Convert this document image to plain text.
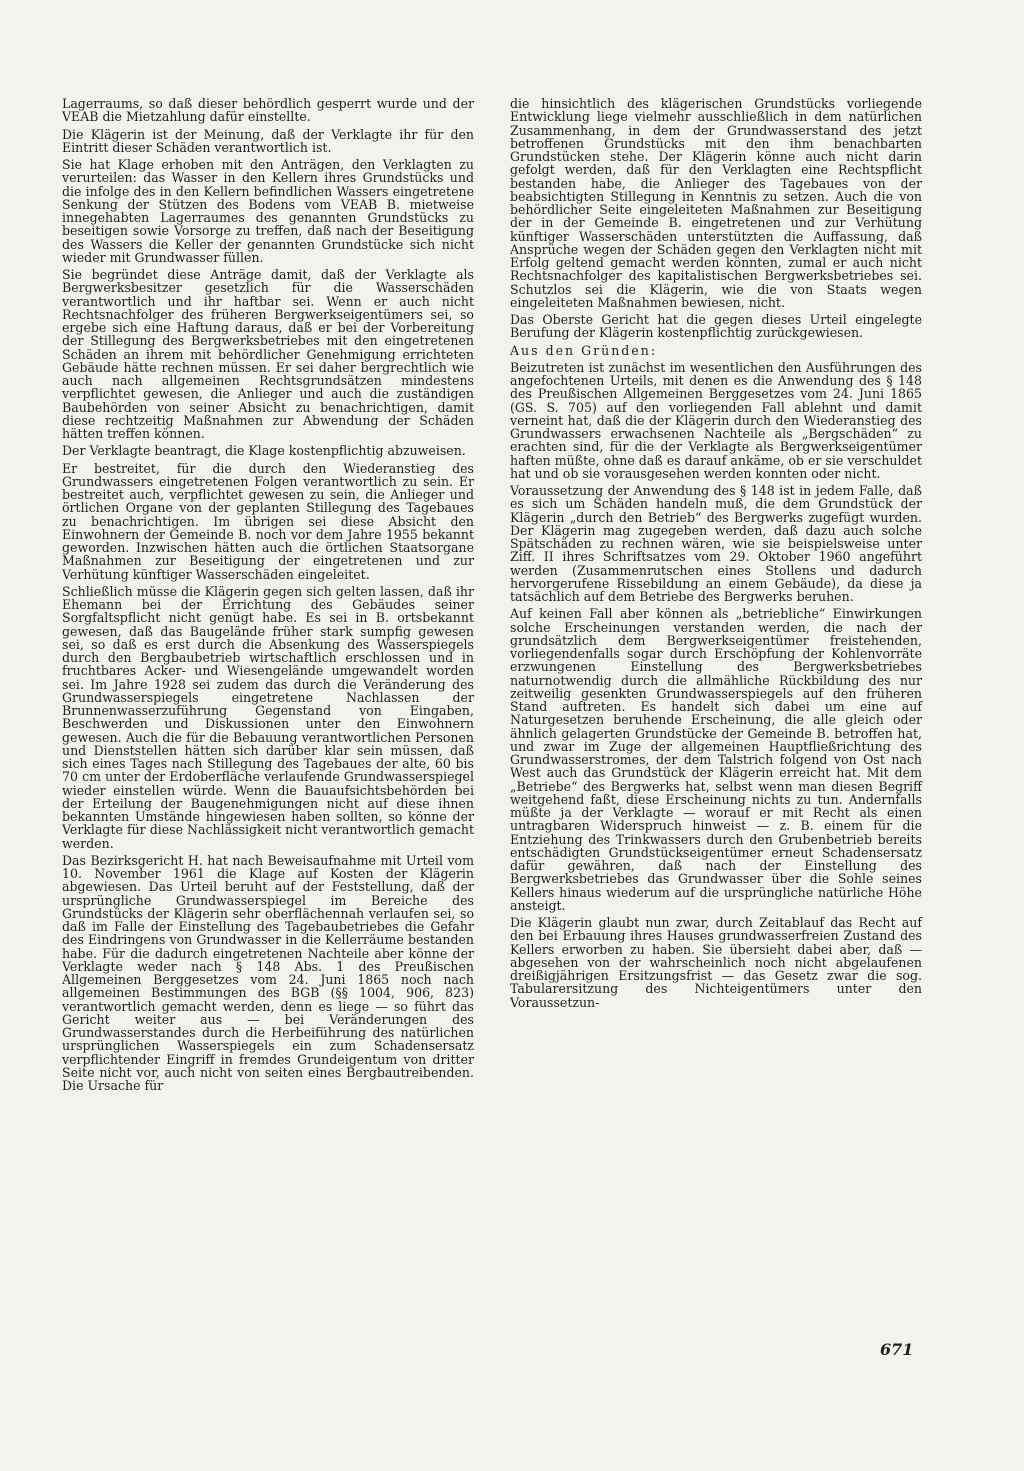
Lagerraums, so daß dieser behördlich gesperrt wurde und der VEAB die Mietzahlung dafür einstellte.

Die Klägerin ist der Meinung, daß der Verklagte ihr für den Eintritt dieser Schäden verantwortlich ist.

Sie hat Klage erhoben mit den Anträgen, den Verklagten zu verurteilen: das Wasser in den Kellern ihres Grundstücks und die infolge des in den Kellern befindlichen Wassers eingetretene Senkung der Stützen des Bodens vom VEAB B. mietweise innegehabten Lagerraumes des genannten Grundstücks zu beseitigen sowie Vorsorge zu treffen, daß nach der Beseitigung des Wassers die Keller der genannten Grundstücke sich nicht wieder mit Grundwasser füllen.

Sie begründet diese Anträge damit, daß der Verklagte als Bergwerksbesitzer gesetzlich für die Wasserschäden verantwortlich und ihr haftbar sei. Wenn er auch nicht Rechtsnachfolger des früheren Bergwerkseigentümers sei, so ergebe sich eine Haftung daraus, daß er bei der Vorbereitung der Stillegung des Bergwerksbetriebes mit den eingetretenen Schäden an ihrem mit behördlicher Genehmigung errichteten Gebäude hätte rechnen müssen. Er sei daher bergrechtlich wie auch nach allgemeinen Rechtsgrundsätzen mindestens verpflichtet gewesen, die Anlieger und auch die zuständigen Baubehörden von seiner Absicht zu benachrichtigen, damit diese rechtzeitig Maßnahmen zur Abwendung der Schäden hätten treffen können.

Der Verklagte beantragt, die Klage kostenpflichtig abzuweisen.

Er bestreitet, für die durch den Wiederanstieg des Grundwassers eingetretenen Folgen verantwortlich zu sein. Er bestreitet auch, verpflichtet gewesen zu sein, die Anlieger und örtlichen Organe von der geplanten Stillegung des Tagebaues zu benachrichtigen. Im übrigen sei diese Absicht den Einwohnern der Gemeinde B. noch vor dem Jahre 1955 bekannt geworden. Inzwischen hätten auch die örtlichen Staatsorgane Maßnahmen zur Beseitigung der eingetretenen und zur Verhütung künftiger Wasserschäden eingeleitet.

Schließlich müsse die Klägerin gegen sich gelten lassen, daß ihr Ehemann bei der Errichtung des Gebäudes seiner Sorgfaltspflicht nicht genügt habe. Es sei in B. ortsbekannt gewesen, daß das Baugelände früher stark sumpfig gewesen sei, so daß es erst durch die Absenkung des Wasserspiegels durch den Bergbaubetrieb wirtschaftlich erschlossen und in fruchtbares Acker- und Wiesengelände umgewandelt worden sei. Im Jahre 1928 sei zudem das durch die Veränderung des Grundwasserspiegels eingetretene Nachlassen der Brunnenwasserzuführung Gegenstand von Eingaben, Beschwerden und Diskussionen unter den Einwohnern gewesen. Auch die für die Bebauung verantwortlichen Personen und Dienststellen hätten sich darüber klar sein müssen, daß sich eines Tages nach Stillegung des Tagebaues der alte, 60 bis 70 cm unter der Erdoberfläche verlaufende Grundwasserspiegel wieder einstellen würde. Wenn die Bauaufsichtsbehörden bei der Erteilung der Baugenehmigungen nicht auf diese ihnen bekannten Umstände hingewiesen haben sollten, so könne der Verklagte für diese Nachlässigkeit nicht verantwortlich gemacht werden.

Das Bezirksgericht H. hat nach Beweisaufnahme mit Urteil vom 10. November 1961 die Klage auf Kosten der Klägerin abgewiesen. Das Urteil beruht auf der Feststellung, daß der ursprüngliche Grundwasserspiegel im Bereiche des Grundstücks der Klägerin sehr oberflächennah verlaufen sei, so daß im Falle der Einstellung des Tagebaubetriebes die Gefahr des Eindringens von Grundwasser in die Kellerräume bestanden habe. Für die dadurch eingetretenen Nachteile aber könne der Verklagte weder nach § 148 Abs. 1 des Preußischen Allgemeinen Berggesetzes vom 24. Juni 1865 noch nach allgemeinen Bestimmungen des BGB (§§ 1004, 906, 823) verantwortlich gemacht werden, denn es liege — so führt das Gericht weiter aus — bei Veränderungen des Grundwasserstandes durch die Herbeiführung des natürlichen ursprünglichen Wasserspiegels ein zum Schadensersatz verpflichtender Eingriff in fremdes Grundeigentum von dritter Seite nicht vor, auch nicht von seiten eines Bergbautreibenden. Die Ursache für

die hinsichtlich des klägerischen Grundstücks vorliegende Entwicklung liege vielmehr ausschließlich in dem natürlichen Zusammenhang, in dem der Grundwasserstand des jetzt betroffenen Grundstücks mit den ihm benachbarten Grundstücken stehe. Der Klägerin könne auch nicht darin gefolgt werden, daß für den Verklagten eine Rechtspflicht bestanden habe, die Anlieger des Tagebaues von der beabsichtigten Stillegung in Kenntnis zu setzen. Auch die von behördlicher Seite eingeleiteten Maßnahmen zur Beseitigung der in der Gemeinde B. eingetretenen und zur Verhütung künftiger Wasserschäden unterstützten die Auffassung, daß Ansprüche wegen der Schäden gegen den Verklagten nicht mit Erfolg geltend gemacht werden könnten, zumal er auch nicht Rechtsnachfolger des kapitalistischen Bergwerksbetriebes sei. Schutzlos sei die Klägerin, wie die von Staats wegen eingeleiteten Maßnahmen bewiesen, nicht.

Das Oberste Gericht hat die gegen dieses Urteil eingelegte Berufung der Klägerin kostenpflichtig zurückgewiesen.

Aus den Gründen:

Beizutreten ist zunächst im wesentlichen den Ausführungen des angefochtenen Urteils, mit denen es die Anwendung des § 148 des Preußischen Allgemeinen Berggesetzes vom 24. Juni 1865 (GS. S. 705) auf den vorliegenden Fall ablehnt und damit verneint hat, daß die der Klägerin durch den Wiederanstieg des Grundwassers erwachsenen Nachteile als „Bergschäden“ zu erachten sind, für die der Verklagte als Bergwerkseigentümer haften müßte, ohne daß es darauf ankäme, ob er sie verschuldet hat und ob sie vorausgesehen werden konnten oder nicht.

Voraussetzung der Anwendung des § 148 ist in jedem Falle, daß es sich um Schäden handeln muß, die dem Grundstück der Klägerin „durch den Betrieb“ des Bergwerks zugefügt wurden. Der Klägerin mag zugegeben werden, daß dazu auch solche Spätschäden zu rechnen wären, wie sie beispielsweise unter Ziff. II ihres Schriftsatzes vom 29. Oktober 1960 angeführt werden (Zusammenrutschen eines Stollens und dadurch hervorgerufene Rissebildung an einem Gebäude), da diese ja tatsächlich auf dem Betriebe des Bergwerks beruhen.

Auf keinen Fall aber können als „betriebliche“ Einwirkungen solche Erscheinungen verstanden werden, die nach der grundsätzlich dem Bergwerkseigentümer freistehenden, vorliegendenfalls sogar durch Erschöpfung der Kohlenvorräte erzwungenen Einstellung des Bergwerksbetriebes naturnotwendig durch die allmähliche Rückbildung des nur zeitweilig gesenkten Grundwasserspiegels auf den früheren Stand auftreten. Es handelt sich dabei um eine auf Naturgesetzen beruhende Erscheinung, die alle gleich oder ähnlich gelagerten Grundstücke der Gemeinde B. betroffen hat, und zwar im Zuge der allgemeinen Hauptfließrichtung des Grundwasserstromes, der dem Talstrich folgend von Ost nach West auch das Grundstück der Klägerin erreicht hat. Mit dem „Betriebe“ des Bergwerks hat, selbst wenn man diesen Begriff weitgehend faßt, diese Erscheinung nichts zu tun. Andernfalls müßte ja der Verklagte — worauf er mit Recht als einen untragbaren Widerspruch hinweist — z. B. einem für die Entziehung des Trinkwassers durch den Grubenbetrieb bereits entschädigten Grundstückseigentümer erneut Schadensersatz dafür gewähren, daß nach der Einstellung des Bergwerksbetriebes das Grundwasser über die Sohle seines Kellers hinaus wiederum auf die ursprüngliche natürliche Höhe ansteigt.

Die Klägerin glaubt nun zwar, durch Zeitablauf das Recht auf den bei Erbauung ihres Hauses grundwasserfreien Zustand des Kellers erworben zu haben. Sie übersieht dabei aber, daß — abgesehen von der wahrscheinlich noch nicht abgelaufenen dreißigjährigen Ersitzungsfrist — das Gesetz zwar die sog. Tabularersitzung des Nichteigentümers unter den Voraussetzun-

671
